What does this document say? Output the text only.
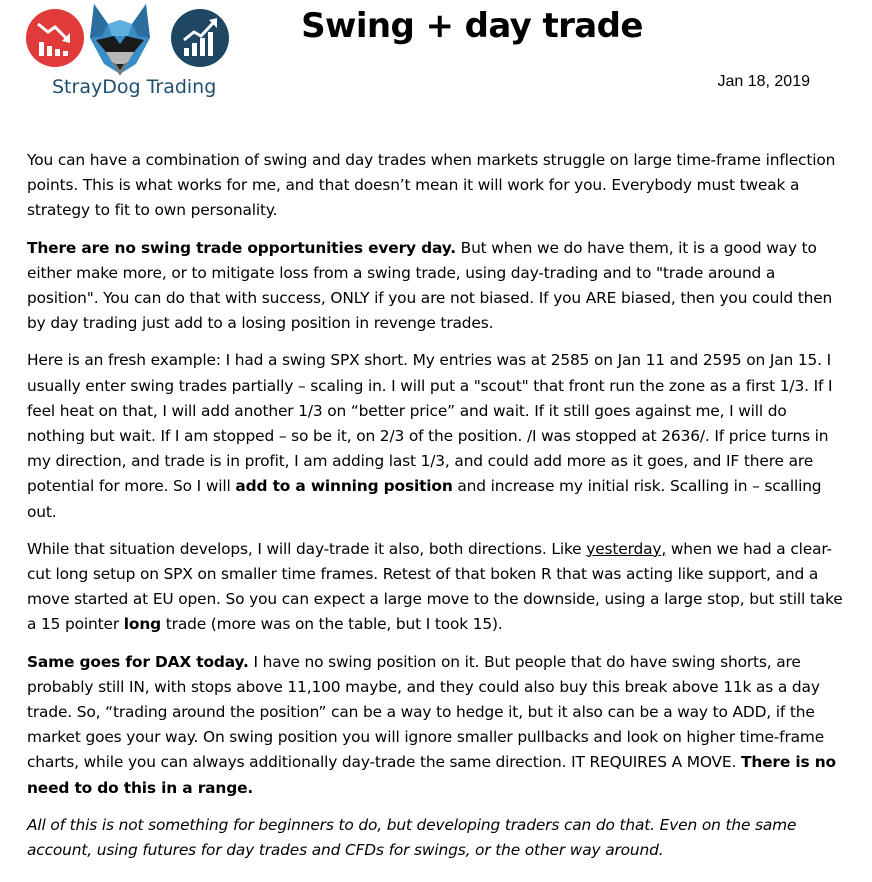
StrayDog Trading
Swing + day trade
Jan 18, 2019

You can have a combination of swing and day trades when markets struggle on large time-frame inflection points. This is what works for me, and that doesn’t mean it will work for you. Everybody must tweak a strategy to fit to own personality.

There are no swing trade opportunities every day. But when we do have them, it is a good way to either make more, or to mitigate loss from a swing trade, using day-trading and to "trade around a position". You can do that with success, ONLY if you are not biased. If you ARE biased, then you could then by day trading just add to a losing position in revenge trades.

Here is an fresh example: I had a swing SPX short. My entries was at 2585 on Jan 11 and 2595 on Jan 15. I usually enter swing trades partially – scaling in. I will put a "scout" that front run the zone as a first 1/3. If I feel heat on that, I will add another 1/3 on “better price” and wait. If it still goes against me, I will do nothing but wait. If I am stopped – so be it, on 2/3 of the position. /I was stopped at 2636/. If price turns in my direction, and trade is in profit, I am adding last 1/3, and could add more as it goes, and IF there are potential for more. So I will add to a winning position and increase my initial risk. Scalling in – scalling out.

While that situation develops, I will day-trade it also, both directions. Like yesterday, when we had a clear-cut long setup on SPX on smaller time frames. Retest of that boken R that was acting like support, and a move started at EU open. So you can expect a large move to the downside, using a large stop, but still take a 15 pointer long trade (more was on the table, but I took 15).

Same goes for DAX today. I have no swing position on it. But people that do have swing shorts, are probably still IN, with stops above 11,100 maybe, and they could also buy this break above 11k as a day trade. So, “trading around the position” can be a way to hedge it, but it also can be a way to ADD, if the market goes your way. On swing position you will ignore smaller pullbacks and look on higher time-frame charts, while you can always additionally day-trade the same direction. IT REQUIRES A MOVE. There is no need to do this in a range.

All of this is not something for beginners to do, but developing traders can do that. Even on the same account, using futures for day trades and CFDs for swings, or the other way around.
